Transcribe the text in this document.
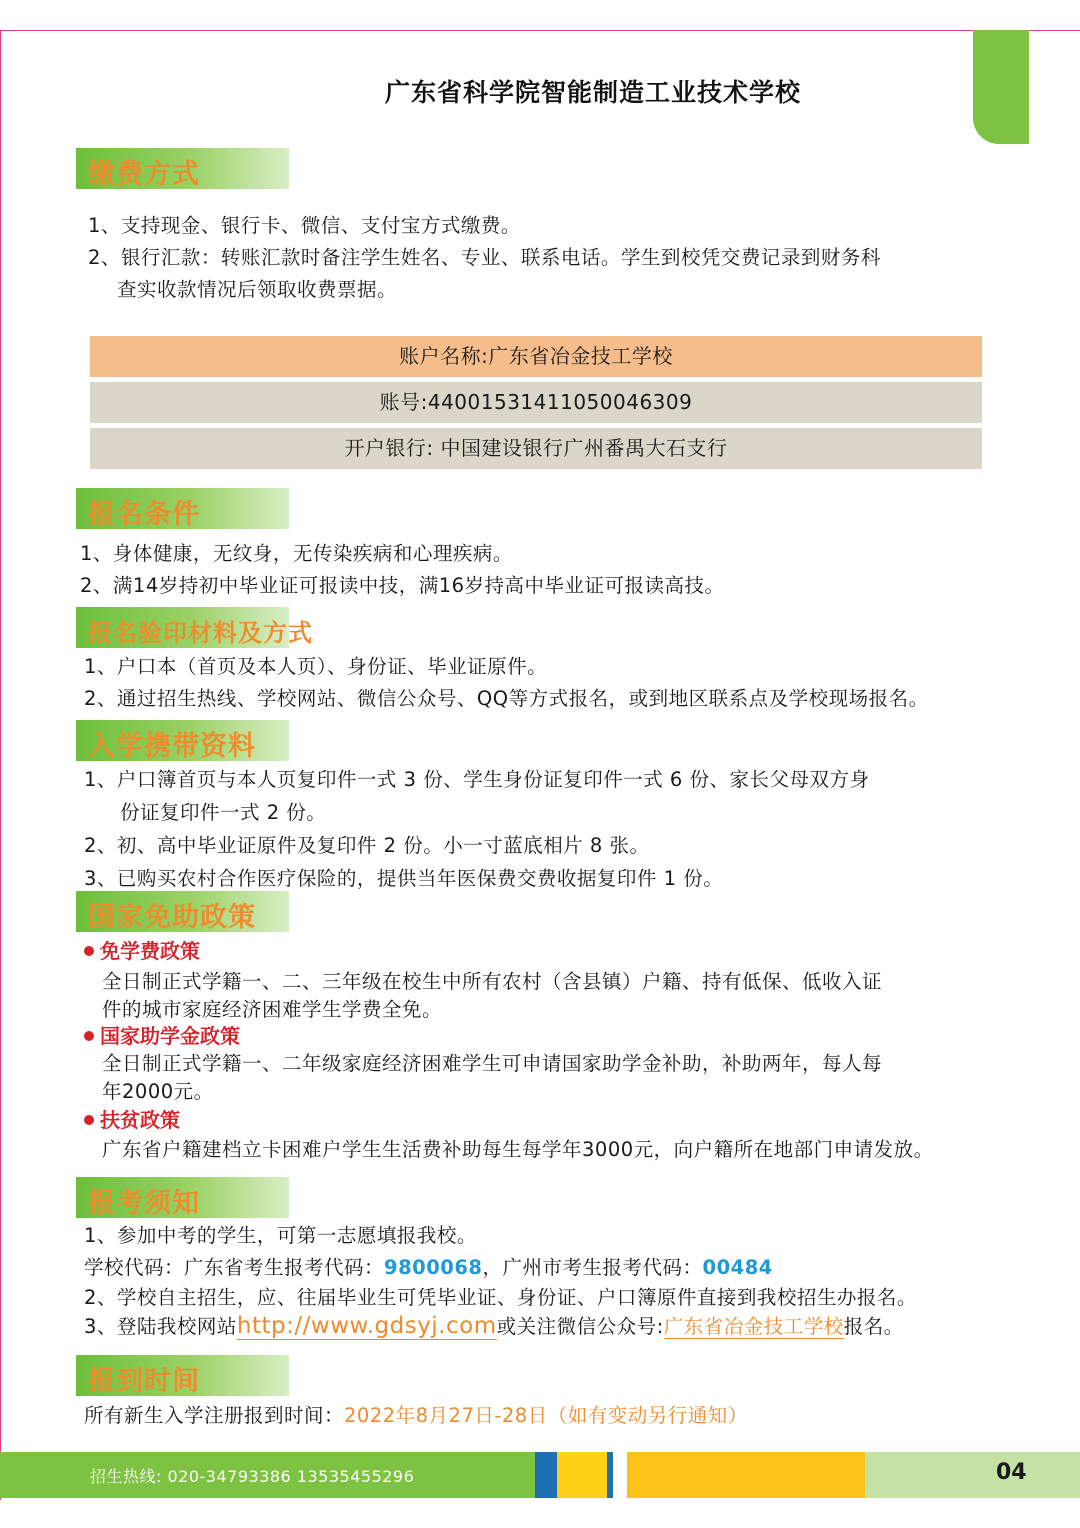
广东省科学院智能制造工业技术学校
缴费方式
1、支持现金、银行卡、微信、支付宝方式缴费。
2、银行汇款：转账汇款时备注学生姓名、专业、联系电话。学生到校凭交费记录到财务科
查实收款情况后领取收费票据。
账户名称:广东省冶金技工学校
账号:44001531411050046309
开户银行: 中国建设银行广州番禺大石支行
报名条件
1、身体健康，无纹身，无传染疾病和心理疾病。
2、满14岁持初中毕业证可报读中技，满16岁持高中毕业证可报读高技。
报名验印材料及方式
1、户口本（首页及本人页）、身份证、毕业证原件。
2、通过招生热线、学校网站、微信公众号、QQ等方式报名，或到地区联系点及学校现场报名。
入学携带资料
1、户口簿首页与本人页复印件一式 3 份、学生身份证复印件一式 6 份、家长父母双方身
份证复印件一式 2 份。
2、初、高中毕业证原件及复印件 2 份。小一寸蓝底相片 8 张。
3、已购买农村合作医疗保险的，提供当年医保费交费收据复印件 1 份。
国家免助政策
免学费政策
全日制正式学籍一、二、三年级在校生中所有农村（含县镇）户籍、持有低保、低收入证
件的城市家庭经济困难学生学费全免。
国家助学金政策
全日制正式学籍一、二年级家庭经济困难学生可申请国家助学金补助，补助两年，每人每
年2000元。
扶贫政策
广东省户籍建档立卡困难户学生生活费补助每生每学年3000元，向户籍所在地部门申请发放。
报考须知
1、参加中考的学生，可第一志愿填报我校。
学校代码：广东省考生报考代码：9800068，广州市考生报考代码：00484
2、学校自主招生，应、往届毕业生可凭毕业证、身份证、户口簿原件直接到我校招生办报名。
3、登陆我校网站http://www.gdsyj.com或关注微信公众号:广东省冶金技工学校报名。
报到时间
所有新生入学注册报到时间：2022年8月27日-28日（如有变动另行通知）
招生热线: 020-34793386 13535455296	04
